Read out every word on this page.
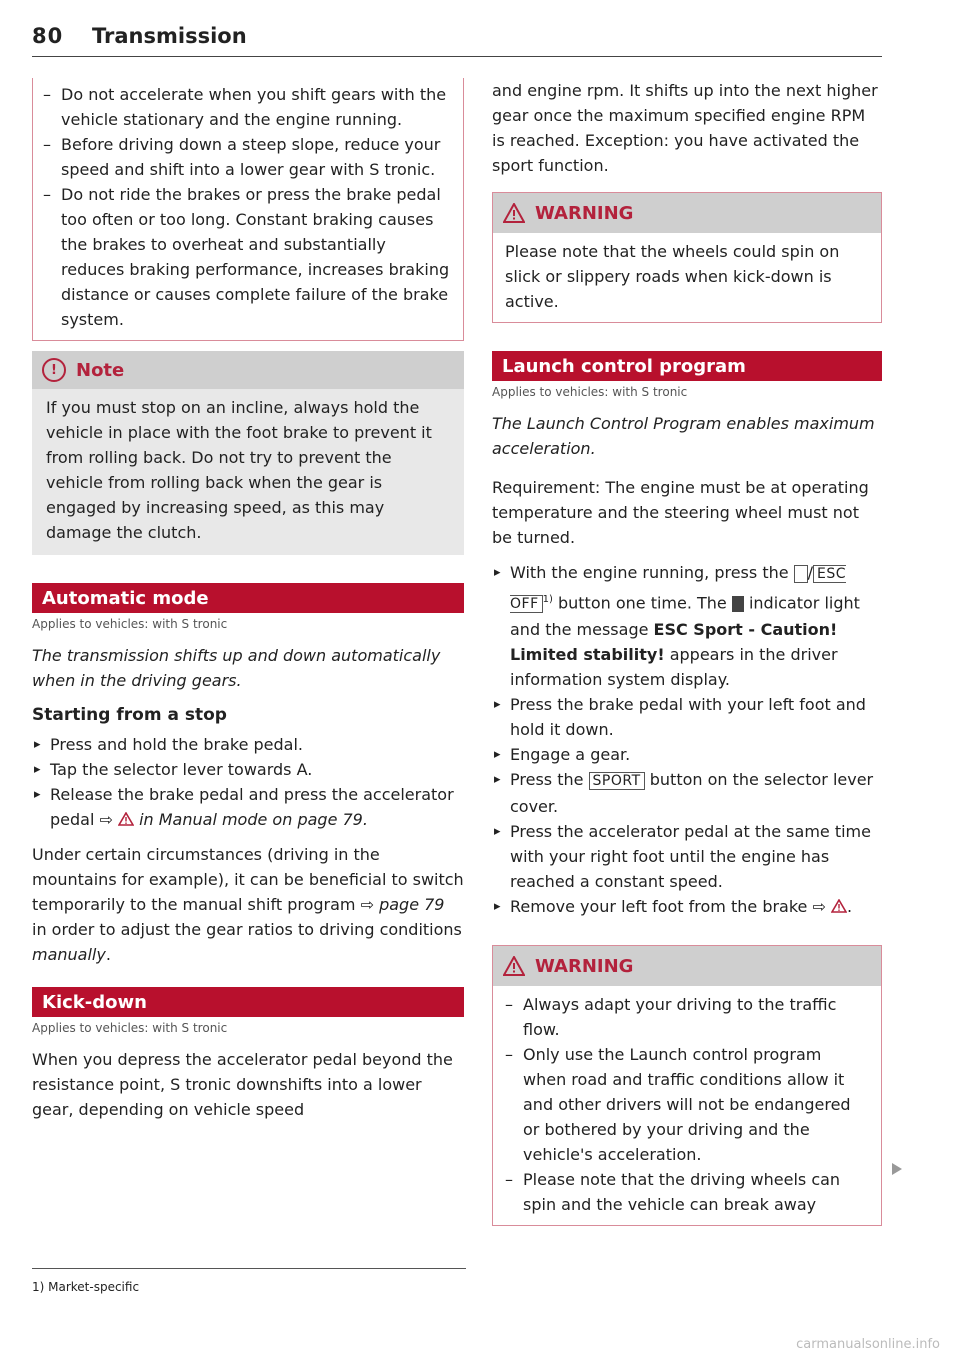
80 Transmission
– Do not accelerate when you shift gears with the vehicle stationary and the engine running.
– Before driving down a steep slope, reduce your speed and shift into a lower gear with S tronic.
– Do not ride the brakes or press the brake pedal too often or too long. Constant braking causes the brakes to overheat and substantially reduces braking performance, increases braking distance or causes complete failure of the brake system.
!	Note
If you must stop on an incline, always hold the vehicle in place with the foot brake to prevent it from rolling back. Do not try to prevent the vehicle from rolling back when the gear is engaged by increasing speed, as this may damage the clutch.
Automatic mode

Applies to vehicles: with S tronic

The transmission shifts up and down automatically when in the driving gears.

Starting from a stop
▸ Press and hold the brake pedal.
▸ Tap the selector lever towards A.
▸ Release the brake pedal and press the accelerator pedal ⇨  in Manual mode on page 79.

Under certain circumstances (driving in the mountains for example), it can be beneficial to switch temporarily to the manual shift program ⇨ page 79 in order to adjust the gear ratios to driving conditions manually.

Kick-down

Applies to vehicles: with S tronic

When you depress the accelerator pedal beyond the resistance point, S tronic downshifts into a lower gear, depending on vehicle speed

1) Market-specific

and engine rpm. It shifts up into the next higher gear once the maximum specified engine RPM is reached. Exception: you have activated the sport function.

WARNING
Please note that the wheels could spin on slick or slippery roads when kick-down is active.
Launch control program

Applies to vehicles: with S tronic

The Launch Control Program enables maximum acceleration.

Requirement: The engine must be at operating temperature and the steering wheel must not be turned.

▸ With the engine running, press the / ESC OFF $^{1)}$ button one time. The  indicator light and the message ESC Sport - Caution! Limited stability! appears in the driver information system display.
▸ Press the brake pedal with your left foot and hold it down.
▸ Engage a gear.
▸ Press the SPORT button on the selector lever cover.
▸ Press the accelerator pedal at the same time with your right foot until the engine has reached a constant speed.
▸ Remove your left foot from the brake ⇨ .
WARNING
– Always adapt your driving to the traffic flow.
– Only use the Launch control program when road and traffic conditions allow it and other drivers will not be endangered or bothered by your driving and the vehicle's acceleration.
– Please note that the driving wheels can spin and the vehicle can break away
carmanualsonline.info
